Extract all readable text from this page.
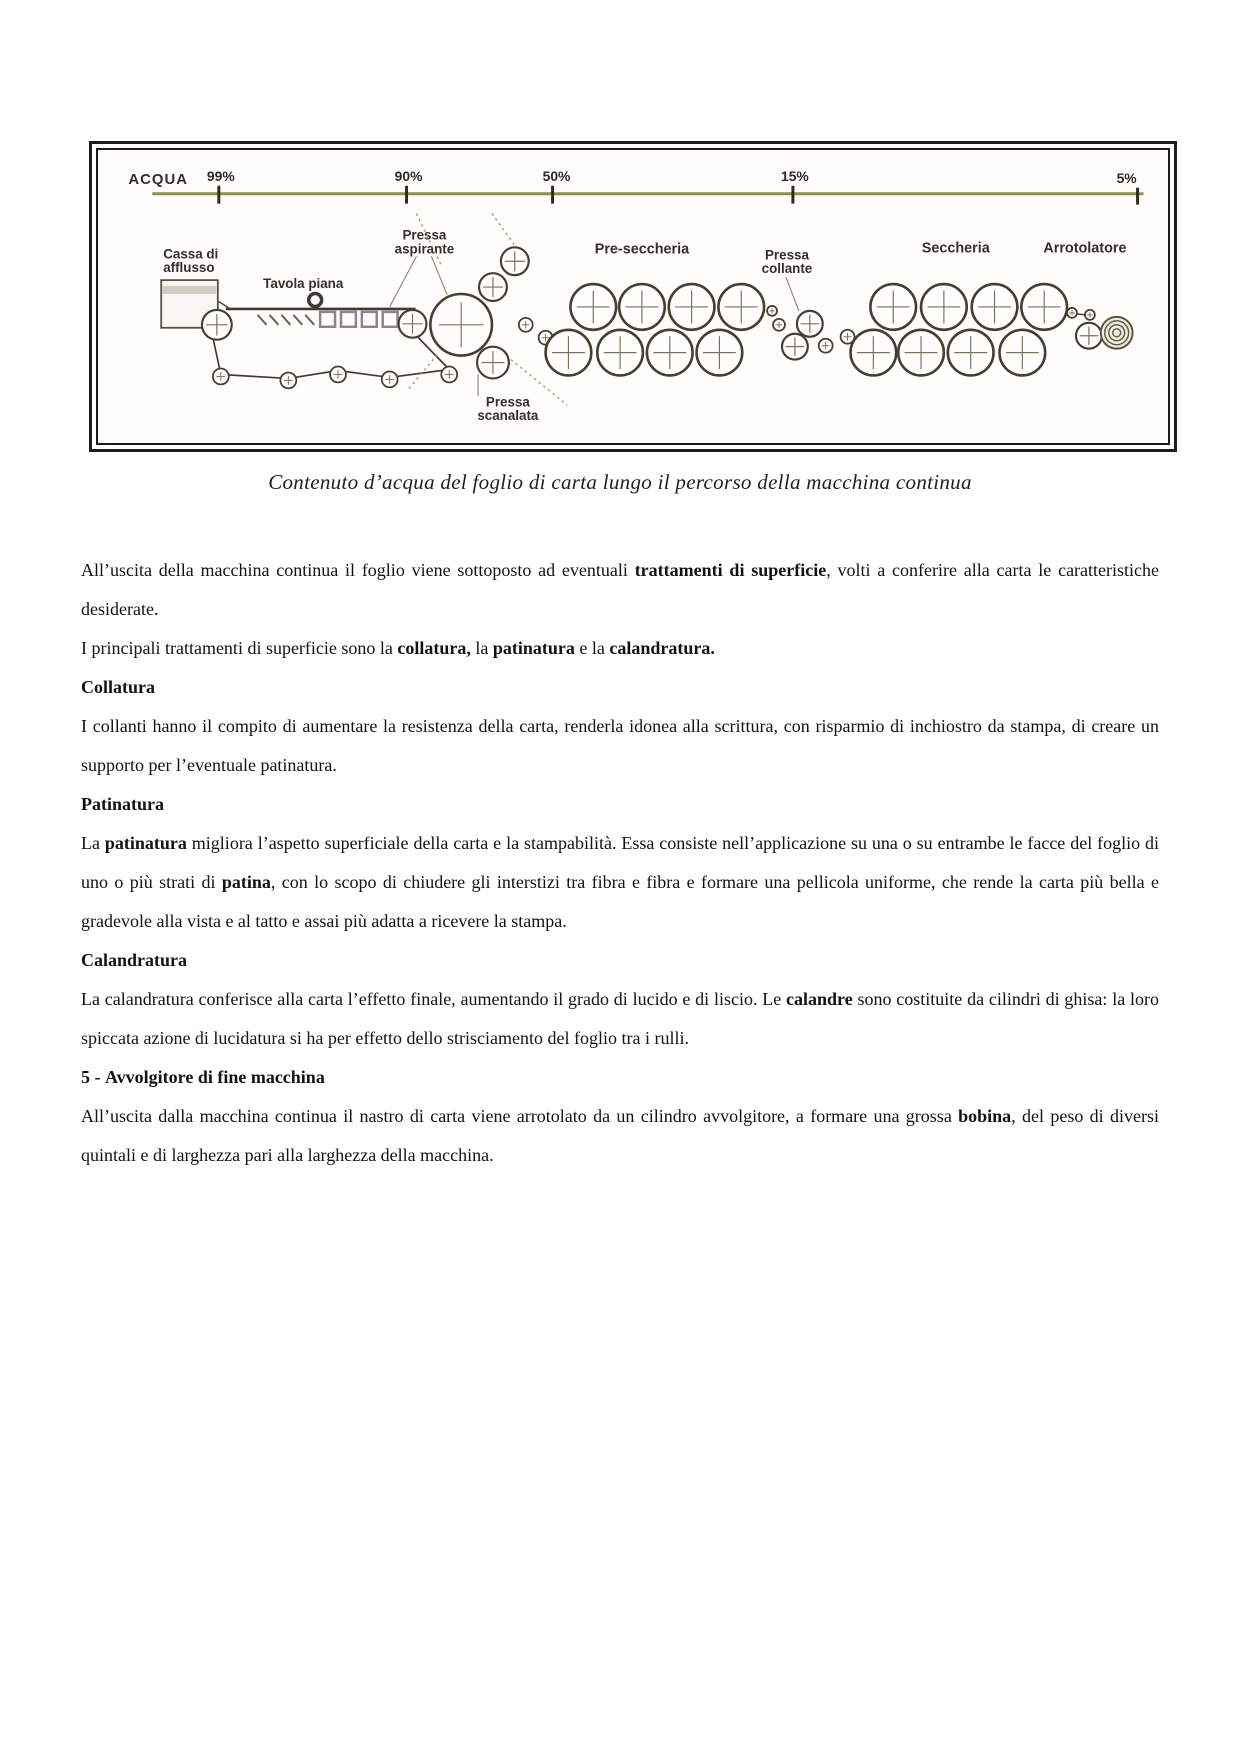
ACQUA 99%	90%	50%	15%	5%
Cassa di
afflusso
Tavola piana
Pressa
aspirante
Pressa
scanalata
Pre-seccheria	Pressa
collante
Seccheria	Arrotolatore

Contenuto d’acqua del foglio di carta lungo il percorso della macchina continua

All’uscita della macchina continua il foglio viene sottoposto ad eventuali trattamenti di superficie, volti a conferire alla carta le caratteristiche desiderate.

I principali trattamenti di superficie sono la collatura, la patinatura e la calandratura.

Collatura

I collanti hanno il compito di aumentare la resistenza della carta, renderla idonea alla scrittura, con risparmio di inchiostro da stampa, di creare un supporto per l’eventuale patinatura.

Patinatura

La patinatura migliora l’aspetto superficiale della carta e la stampabilità. Essa consiste nell’applicazione su una o su entrambe le facce del foglio di uno o più strati di patina, con lo scopo di chiudere gli interstizi tra fibra e fibra e formare una pellicola uniforme, che rende la carta più bella e gradevole alla vista e al tatto e assai più adatta a ricevere la stampa.

Calandratura

La calandratura conferisce alla carta l’effetto finale, aumentando il grado di lucido e di liscio. Le calandre sono costituite da cilindri di ghisa: la loro spiccata azione di lucidatura si ha per effetto dello strisciamento del foglio tra i rulli.

5 - Avvolgitore di fine macchina

All’uscita dalla macchina continua il nastro di carta viene arrotolato da un cilindro avvolgitore, a formare una grossa bobina, del peso di diversi quintali e di larghezza pari alla larghezza della macchina.
